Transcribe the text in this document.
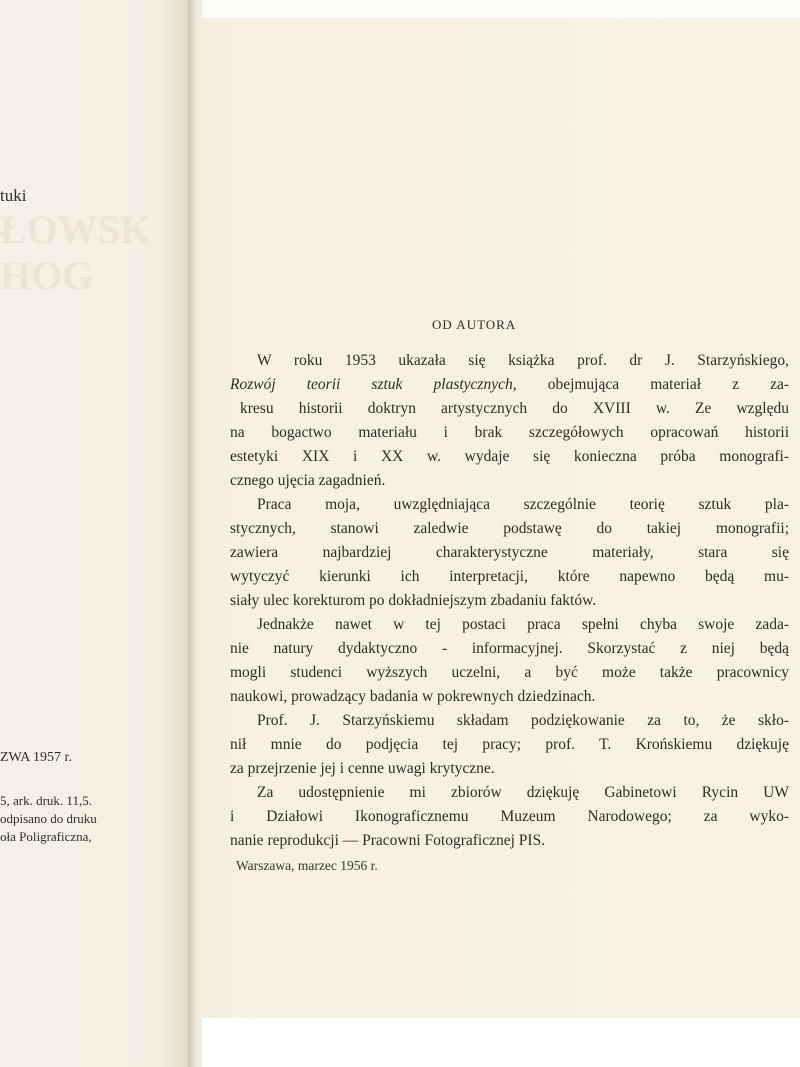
ŁOWSK
HOG
tuki
ZWA 1957 r.
5, ark. druk. 11,5.
odpisano do druku
oła Poligraficzna,
OD AUTORA
W roku 1953 ukazała się książka prof. dr J. Starzyńskiego,
Rozwój teorii sztuk plastycznych, obejmująca materiał z za-
kresu historii doktryn artystycznych do XVIII w. Ze względu
na bogactwo materiału i brak szczegółowych opracowań historii
estetyki XIX i XX w. wydaje się konieczna próba monografi-
cznego ujęcia zagadnień.
Praca moja, uwzględniająca szczególnie teorię sztuk pla-
stycznych, stanowi zaledwie podstawę do takiej monografii;
zawiera najbardziej charakterystyczne materiały, stara się
wytyczyć kierunki ich interpretacji, które napewno będą mu-
siały ulec korekturom po dokładniejszym zbadaniu faktów.
Jednakże nawet w tej postaci praca spełni chyba swoje zada-
nie natury dydaktyczno - informacyjnej. Skorzystać z niej będą
mogli studenci wyższych uczelni, a być może także pracownicy
naukowi, prowadzący badania w pokrewnych dziedzinach.
Prof. J. Starzyńskiemu składam podziękowanie za to, że skło-
nił mnie do podjęcia tej pracy; prof. T. Krońskiemu dziękuję
za przejrzenie jej i cenne uwagi krytyczne.
Za udostępnienie mi zbiorów dziękuję Gabinetowi Rycin UW
i Działowi Ikonograficznemu Muzeum Narodowego; za wyko-
nanie reprodukcji — Pracowni Fotograficznej PIS.
Warszawa, marzec 1956 r.
